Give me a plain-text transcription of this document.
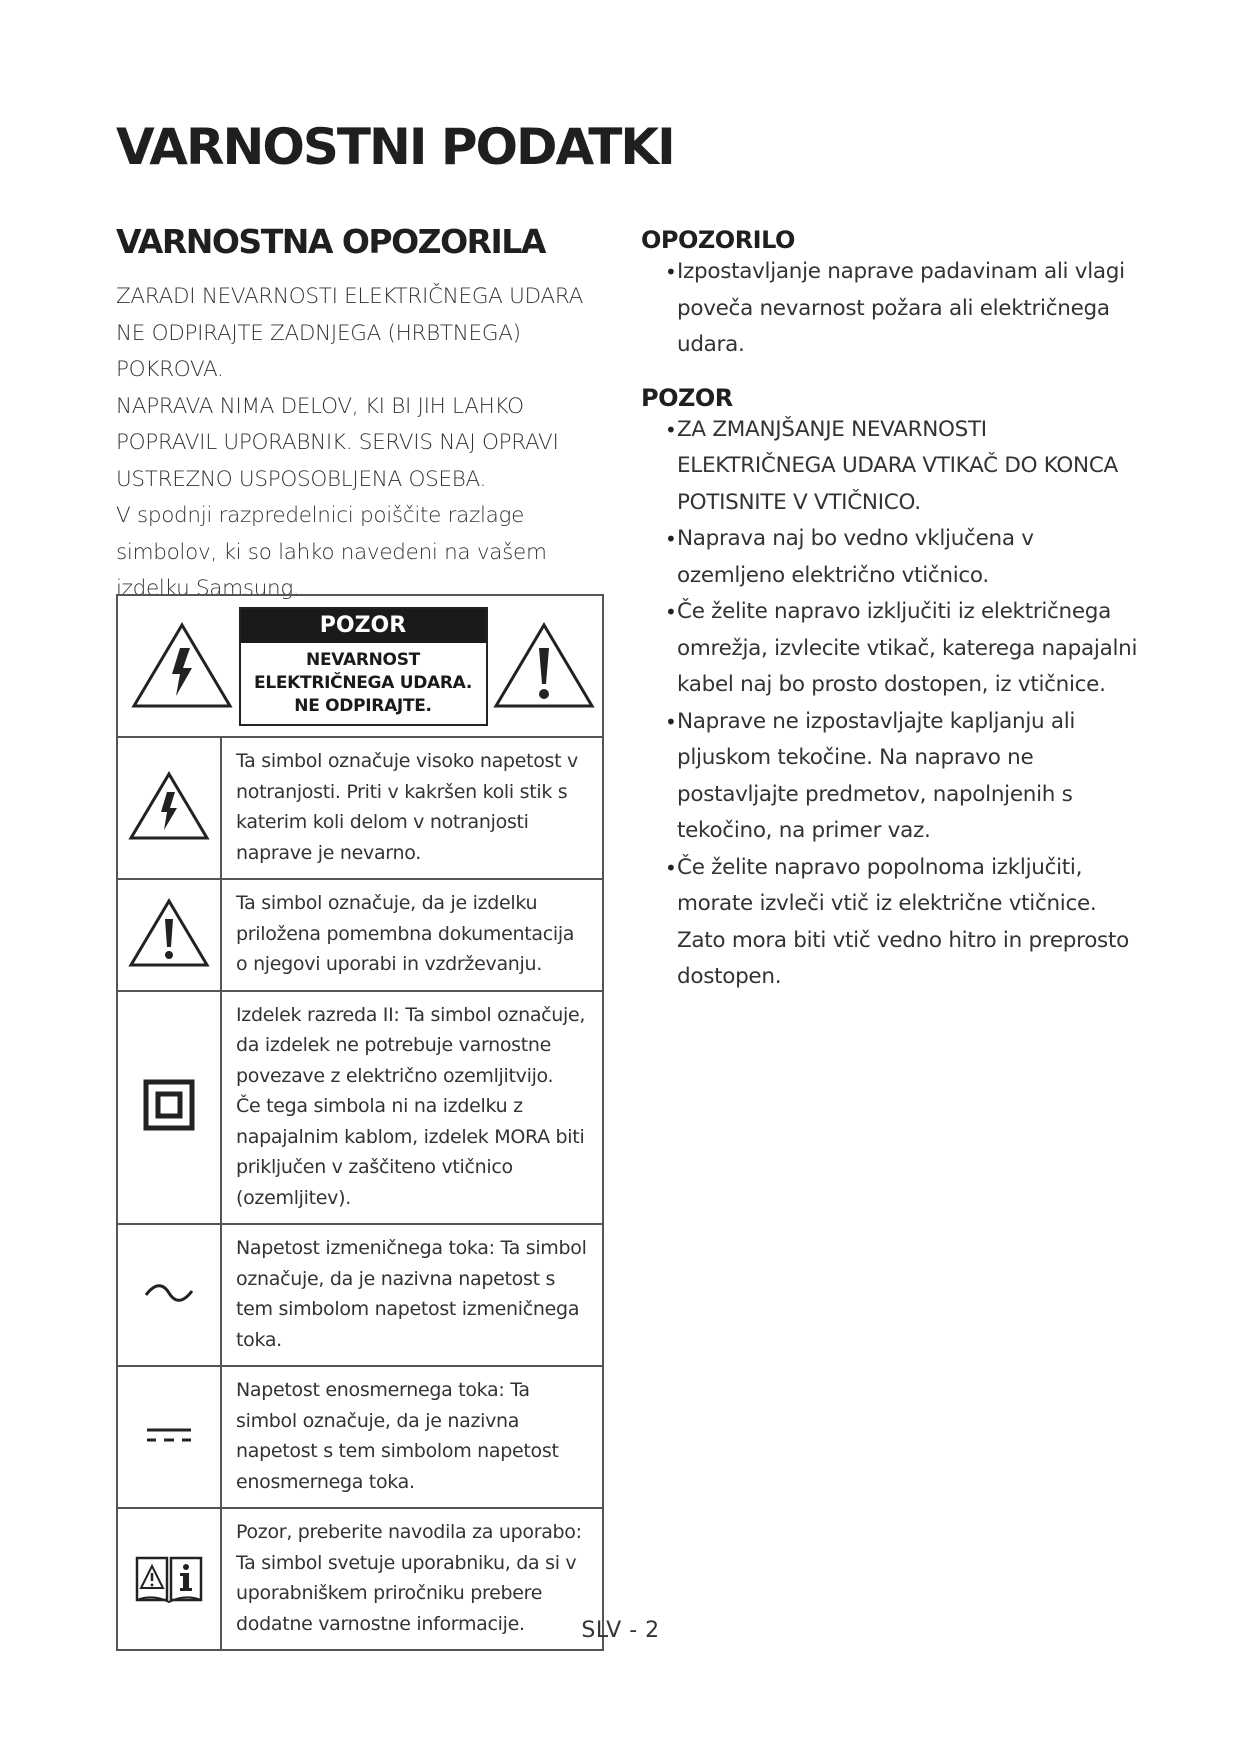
VARNOSTNI PODATKI
VARNOSTNA OPOZORILA

ZARADI NEVARNOSTI ELEKTRIČNEGA UDARA NE ODPIRAJTE ZADNJEGA (HRBTNEGA) POKROVA.

NAPRAVA NIMA DELOV, KI BI JIH LAHKO POPRAVIL UPORABNIK. SERVIS NAJ OPRAVI USTREZNO USPOSOBLJENA OSEBA.

V spodnji razpredelnici poiščite razlage simbolov, ki so lahko navedeni na vašem izdelku Samsung.

POZOR
NEVARNOST
ELEKTRIČNEGA UDARA.
NE ODPIRAJTE.	

	Ta simbol označuje visoko napetost v notranjosti. Priti v kakršen koli stik s katerim koli delom v notranjosti naprave je nevarno.
	Ta simbol označuje, da je izdelku priložena pomembna dokumentacija o njegovi uporabi in vzdrževanju.
	Izdelek razreda II: Ta simbol označuje, da izdelek ne potrebuje varnostne povezave z električno ozemljitvijo.
Če tega simbola ni na izdelku z napajalnim kablom, izdelek MORA biti priključen v zaščiteno vtičnico (ozemljitev).
	Napetost izmeničnega toka: Ta simbol označuje, da je nazivna napetost s tem simbolom napetost izmeničnega toka.
	Napetost enosmernega toka: Ta simbol označuje, da je nazivna napetost s tem simbolom napetost enosmernega toka.
	Pozor, preberite navodila za uporabo: Ta simbol svetuje uporabniku, da si v uporabniškem priročniku prebere dodatne varnostne informacije.
OPOZORILO
• Izpostavljanje naprave padavinam ali vlagi poveča nevarnost požara ali električnega udara.
POZOR
• ZA ZMANJŠANJE NEVARNOSTI ELEKTRIČNEGA UDARA VTIKAČ DO KONCA POTISNITE V VTIČNICO.
• Naprava naj bo vedno vključena v ozemljeno električno vtičnico.
• Če želite napravo izključiti iz električnega omrežja, izvlecite vtikač, katerega napajalni kabel naj bo prosto dostopen, iz vtičnice.
• Naprave ne izpostavljajte kapljanju ali pljuskom tekočine. Na napravo ne postavljajte predmetov, napolnjenih s tekočino, na primer vaz.
• Če želite napravo popolnoma izključiti, morate izvleči vtič iz električne vtičnice. Zato mora biti vtič vedno hitro in preprosto dostopen.
SLV - 2
